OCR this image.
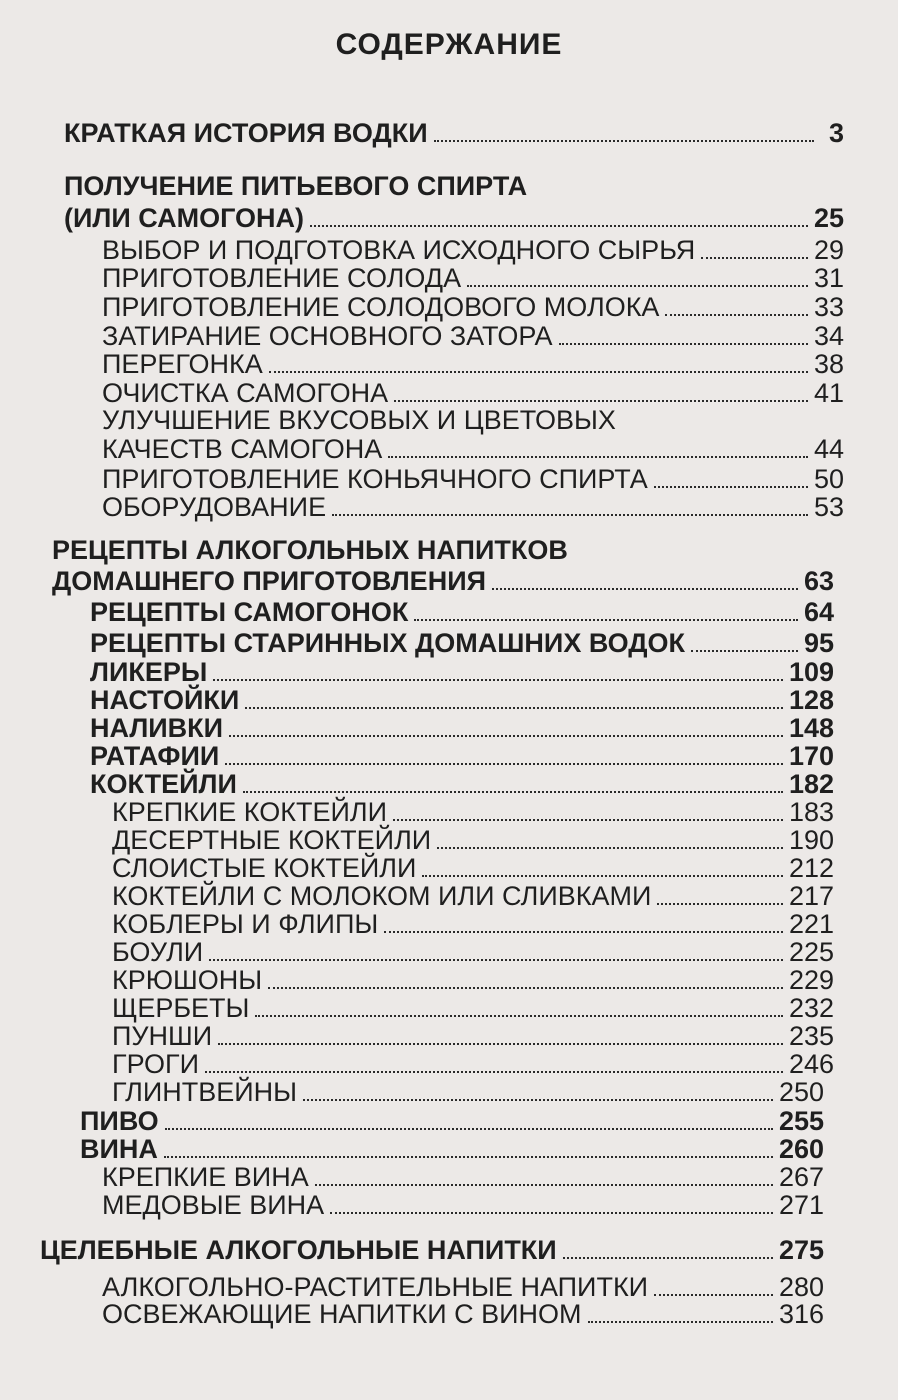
СОДЕРЖАНИЕ
КРАТКАЯ ИСТОРИЯ ВОДКИ	3
ПОЛУЧЕНИЕ ПИТЬЕВОГО СПИРТА
(ИЛИ САМОГОНА)	25
ВЫБОР И ПОДГОТОВКА ИСХОДНОГО СЫРЬЯ	29
ПРИГОТОВЛЕНИЕ СОЛОДА	31
ПРИГОТОВЛЕНИЕ СОЛОДОВОГО МОЛОКА	33
ЗАТИРАНИЕ ОСНОВНОГО ЗАТОРА	34
ПЕРЕГОНКА	38
ОЧИСТКА САМОГОНА	41
УЛУЧШЕНИЕ ВКУСОВЫХ И ЦВЕТОВЫХ
КАЧЕСТВ САМОГОНА	44
ПРИГОТОВЛЕНИЕ КОНЬЯЧНОГО СПИРТА	50
ОБОРУДОВАНИЕ	53
РЕЦЕПТЫ АЛКОГОЛЬНЫХ НАПИТКОВ
ДОМАШНЕГО ПРИГОТОВЛЕНИЯ	63
РЕЦЕПТЫ САМОГОНОК	64
РЕЦЕПТЫ СТАРИННЫХ ДОМАШНИХ ВОДОК	95
ЛИКЕРЫ	109
НАСТОЙКИ	128
НАЛИВКИ	148
РАТАФИИ	170
КОКТЕЙЛИ	182
КРЕПКИЕ КОКТЕЙЛИ	183
ДЕСЕРТНЫЕ КОКТЕЙЛИ	190
СЛОИСТЫЕ КОКТЕЙЛИ	212
КОКТЕЙЛИ С МОЛОКОМ ИЛИ СЛИВКАМИ	217
КОБЛЕРЫ И ФЛИПЫ	221
БОУЛИ	225
КРЮШОНЫ	229
ЩЕРБЕТЫ	232
ПУНШИ	235
ГРОГИ	246
ГЛИНТВЕЙНЫ	250
ПИВО	255
ВИНА	260
КРЕПКИЕ ВИНА	267
МЕДОВЫЕ ВИНА	271
ЦЕЛЕБНЫЕ АЛКОГОЛЬНЫЕ НАПИТКИ	275
АЛКОГОЛЬНО-РАСТИТЕЛЬНЫЕ НАПИТКИ	280
ОСВЕЖАЮЩИЕ НАПИТКИ С ВИНОМ	316
